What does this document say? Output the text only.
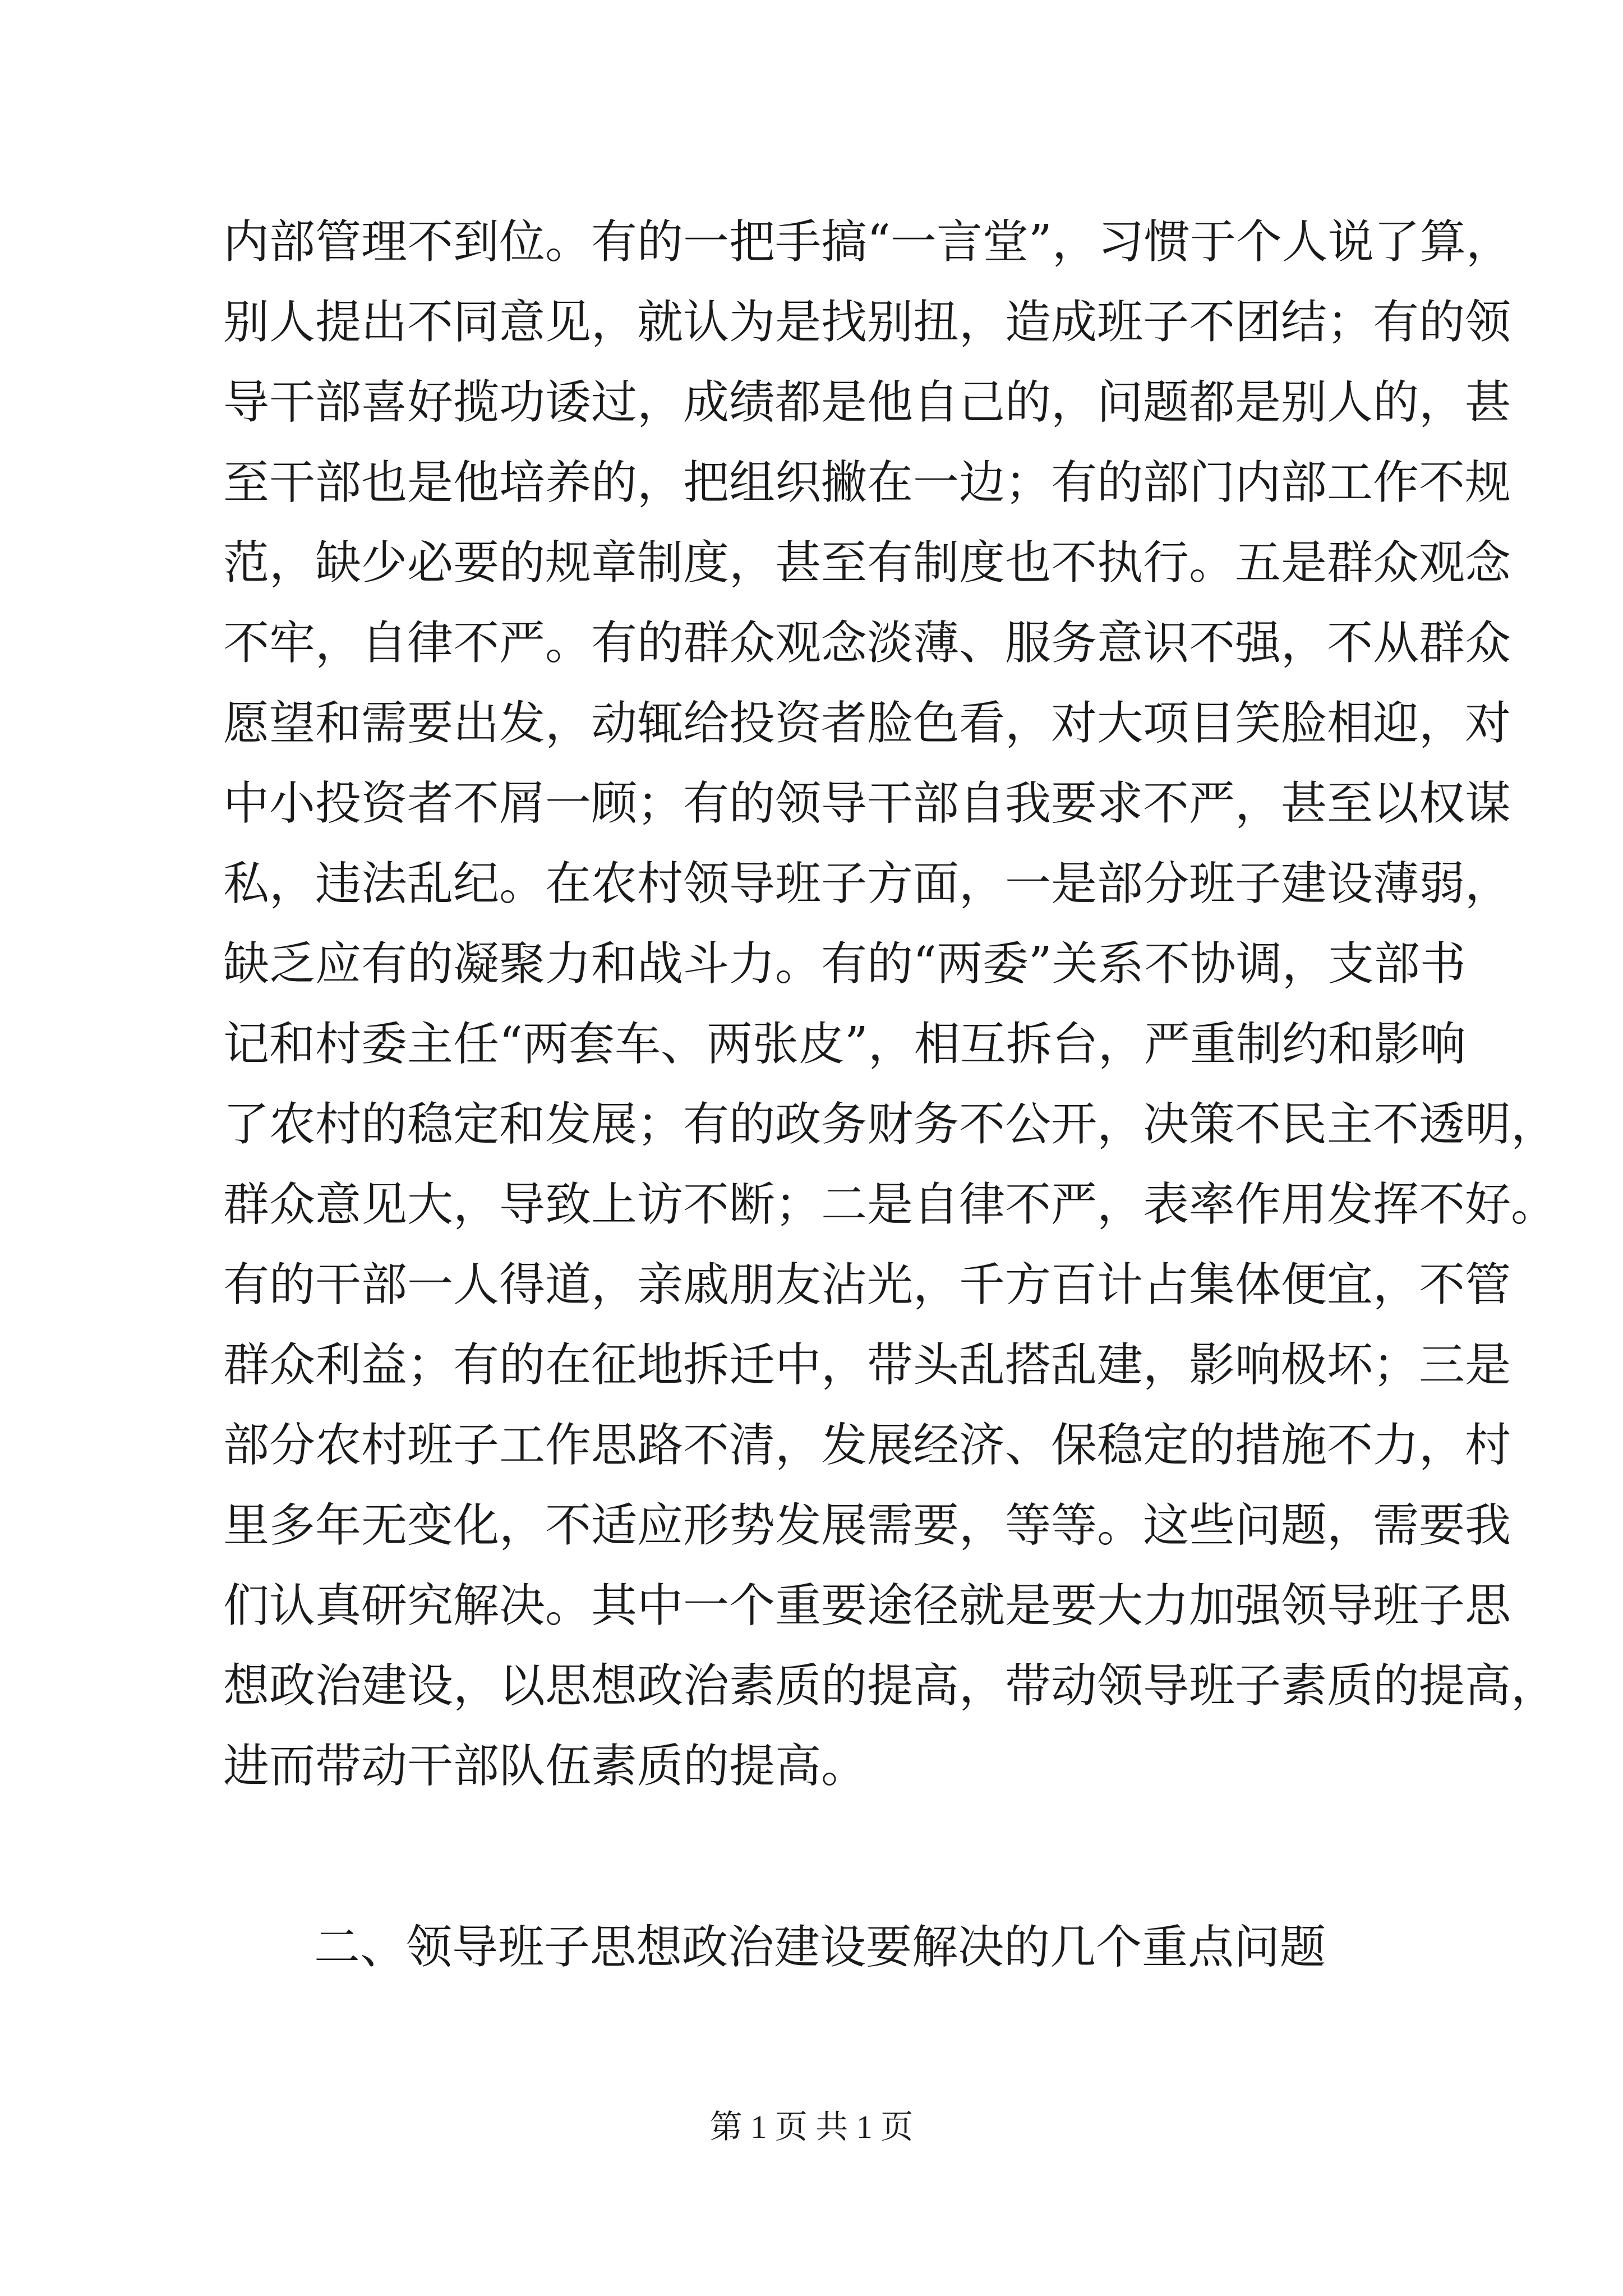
内部管理不到位。有的一把手搞“一言堂”，习惯于个人说了算，
别人提出不同意见，就认为是找别扭，造成班子不团结；有的领
导干部喜好揽功诿过，成绩都是他自己的，问题都是别人的，甚
至干部也是他培养的，把组织撇在一边；有的部门内部工作不规
范，缺少必要的规章制度，甚至有制度也不执行。五是群众观念
不牢，自律不严。有的群众观念淡薄、服务意识不强，不从群众
愿望和需要出发，动辄给投资者脸色看，对大项目笑脸相迎，对
中小投资者不屑一顾；有的领导干部自我要求不严，甚至以权谋
私，违法乱纪。在农村领导班子方面，一是部分班子建设薄弱，
缺乏应有的凝聚力和战斗力。有的“两委”关系不协调，支部书
记和村委主任“两套车、两张皮”，相互拆台，严重制约和影响
了农村的稳定和发展；有的政务财务不公开，决策不民主不透明，
群众意见大，导致上访不断；二是自律不严，表率作用发挥不好。
有的干部一人得道，亲戚朋友沾光，千方百计占集体便宜，不管
群众利益；有的在征地拆迁中，带头乱搭乱建，影响极坏；三是
部分农村班子工作思路不清，发展经济、保稳定的措施不力，村
里多年无变化，不适应形势发展需要，等等。这些问题，需要我
们认真研究解决。其中一个重要途径就是要大力加强领导班子思
想政治建设，以思想政治素质的提高，带动领导班子素质的提高，
进而带动干部队伍素质的提高。
二、领导班子思想政治建设要解决的几个重点问题
第 1 页 共 1 页
